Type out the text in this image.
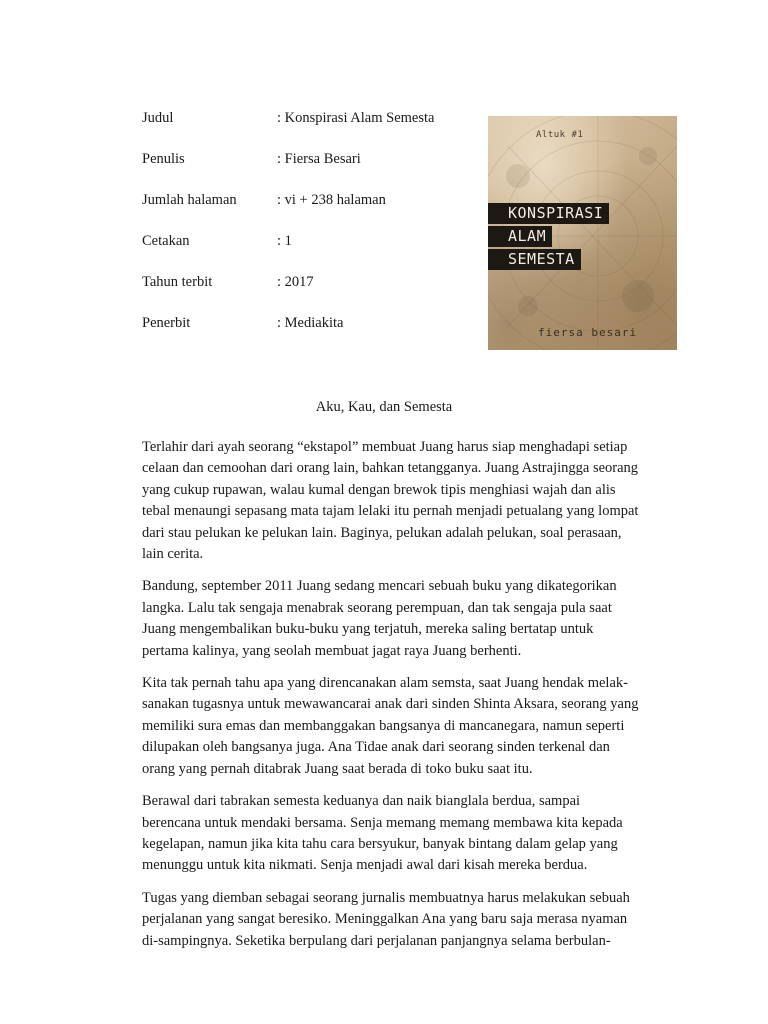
Judul	: Konspirasi Alam Semesta
Penulis	: Fiersa Besari
Jumlah halaman	: vi + 238 halaman
Cetakan	: 1
Tahun terbit	: 2017
Penerbit	: Mediakita
Altuk #1
KONSPIRASI
ALAM
SEMESTA
fiersa besari
Aku, Kau, dan Semesta

Terlahir dari ayah seorang “ekstapol” membuat Juang harus siap menghadapi setiap celaan dan cemoohan dari orang lain, bahkan tetangganya. Juang Astrajingga seorang yang cukup rupawan, walau kumal dengan brewok tipis menghiasi wajah dan alis tebal menaungi sepasang mata tajam lelaki itu pernah menjadi petualang yang lompat dari stau pelukan ke pelukan lain. Baginya, pelukan adalah pelukan, soal perasaan, lain cerita.

Bandung, september 2011 Juang sedang mencari sebuah buku yang dikategorikan langka. Lalu tak sengaja menabrak seorang perempuan, dan tak sengaja pula saat Juang mengembalikan buku-buku yang terjatuh, mereka saling bertatap untuk pertama kalinya, yang seolah membuat jagat raya Juang berhenti.

Kita tak pernah tahu apa yang direncanakan alam semsta, saat Juang hendak melak-sanakan tugasnya untuk mewawancarai anak dari sinden Shinta Aksara, seorang yang memiliki sura emas dan membanggakan bangsanya di mancanegara, namun seperti dilupakan oleh bangsanya juga. Ana Tidae anak dari seorang sinden terkenal dan orang yang pernah ditabrak Juang saat berada di toko buku saat itu.

Berawal dari tabrakan semesta keduanya dan naik bianglala berdua, sampai berencana untuk mendaki bersama. Senja memang memang membawa kita kepada kegelapan, namun jika kita tahu cara bersyukur, banyak bintang dalam gelap yang menunggu untuk kita nikmati. Senja menjadi awal dari kisah mereka berdua.

Tugas yang diemban sebagai seorang jurnalis membuatnya harus melakukan sebuah perjalanan yang sangat beresiko. Meninggalkan Ana yang baru saja merasa nyaman di-sampingnya. Seketika berpulang dari perjalanan panjangnya selama berbulan-
